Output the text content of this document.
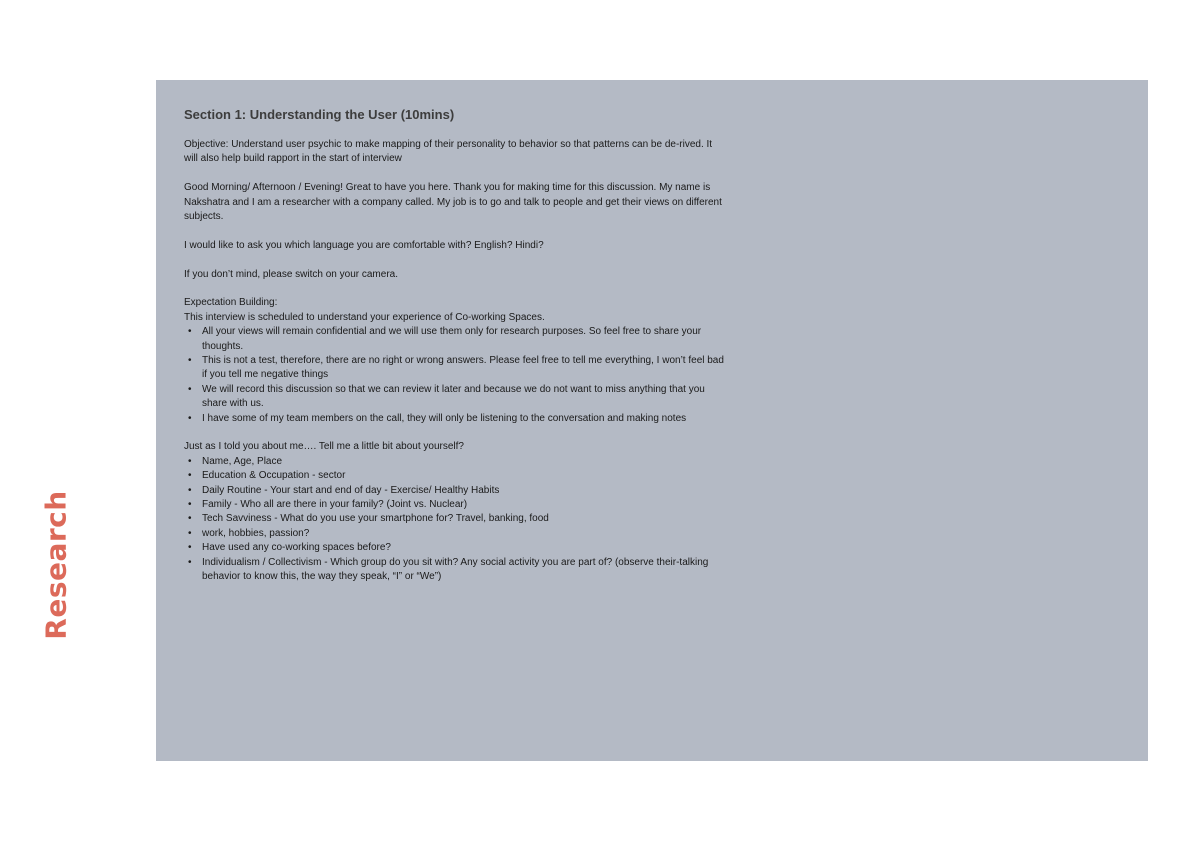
Research
Section 1: Understanding the User (10mins)

Objective: Understand user psychic to make mapping of their personality to behavior so that patterns can be de-rived. It will also help build rapport in the start of interview

Good Morning/ Afternoon / Evening! Great to have you here. Thank you for making time for this discussion. My name is Nakshatra and I am a researcher with a company called. My job is to go and talk to people and get their views on different subjects.

I would like to ask you which language you are comfortable with? English? Hindi?

If you don’t mind, please switch on your camera.

Expectation Building:

This interview is scheduled to understand your experience of Co-working Spaces.

• All your views will remain confidential and we will use them only for research purposes. So feel free to share your thoughts.
• This is not a test, therefore, there are no right or wrong answers. Please feel free to tell me everything, I won’t feel bad if you tell me negative things
• We will record this discussion so that we can review it later and because we do not want to miss anything that you share with us.
• I have some of my team members on the call, they will only be listening to the conversation and making notes

Just as I told you about me…. Tell me a little bit about yourself?

• Name, Age, Place
• Education & Occupation - sector
• Daily Routine - Your start and end of day - Exercise/ Healthy Habits
• Family - Who all are there in your family? (Joint vs. Nuclear)
• Tech Savviness - What do you use your smartphone for? Travel, banking, food
• work, hobbies, passion?
• Have used any co-working spaces before?
• Individualism / Collectivism - Which group do you sit with? Any social activity you are part of? (observe their-talking behavior to know this, the way they speak, “I” or “We”)
